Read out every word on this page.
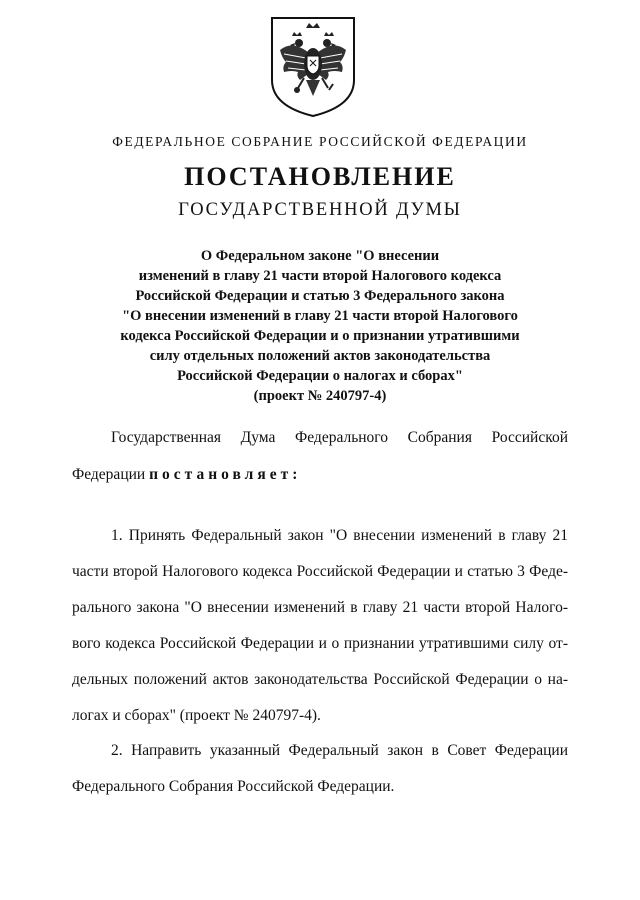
ФЕДЕРАЛЬНОЕ СОБРАНИЕ РОССИЙСКОЙ ФЕДЕРАЦИИ
ПОСТАНОВЛЕНИЕ
ГОСУДАРСТВЕННОЙ ДУМЫ
О Федеральном законе "О внесении
изменений в главу 21 части второй Налогового кодекса
Российской Федерации и статью 3 Федерального закона
"О внесении изменений в главу 21 части второй Налогового
кодекса Российской Федерации и о признании утратившими
силу отдельных положений актов законодательства
Российской Федерации о налогах и сборах"
(проект № 240797-4)
Государственная Дума Федерального Собрания Российской
Федерации постановляет:
1. Принять Федеральный закон "О внесении изменений в главу 21
части второй Налогового кодекса Российской Федерации и статью 3 Феде-
рального закона "О внесении изменений в главу 21 части второй Налого-
вого кодекса Российской Федерации и о признании утратившими силу от-
дельных положений актов законодательства Российской Федерации о на-
логах и сборах" (проект № 240797-4).
2. Направить указанный Федеральный закон в Совет Федерации
Федерального Собрания Российской Федерации.
